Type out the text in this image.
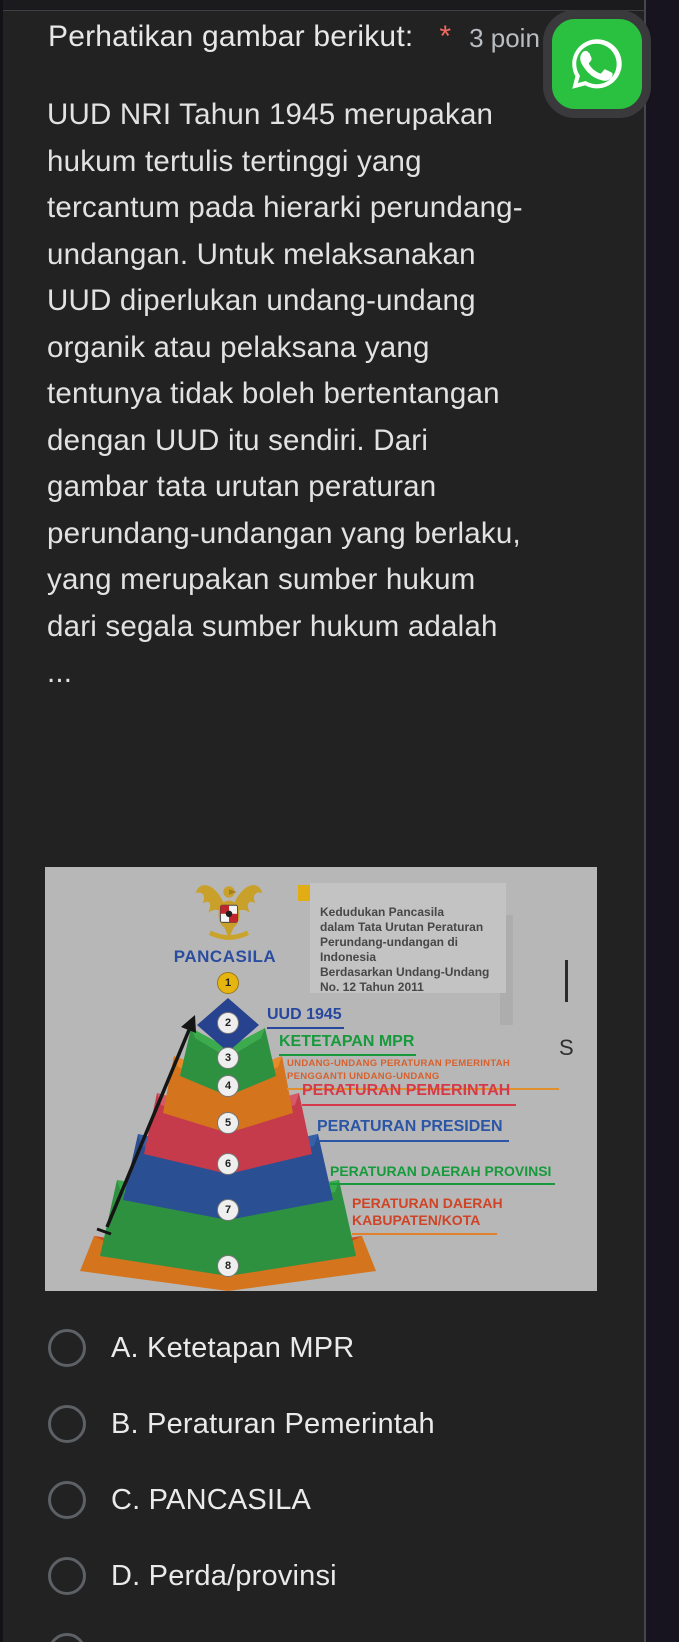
Perhatikan gambar berikut: * 3 poin
UUD NRI Tahun 1945 merupakan hukum tertulis tertinggi yang tercantum pada hierarki perundang-undangan. Untuk melaksanakan UUD diperlukan undang-undang organik atau pelaksana yang tentunya tidak boleh bertentangan dengan UUD itu sendiri. Dari gambar tata urutan peraturan perundang-undangan yang berlaku, yang merupakan sumber hukum dari segala sumber hukum adalah ...
PANCASILA
Kedudukan Pancasila
dalam Tata Urutan Peraturan
Perundang-undangan di Indonesia
Berdasarkan Undang-Undang
No. 12 Tahun 2011
S
1
2
3
4
5
6
7
8
UUD 1945
KETETAPAN MPR
UNDANG-UNDANG PERATURAN PEMERINTAH
PENGGANTI UNDANG-UNDANG
PERATURAN PEMERINTAH
PERATURAN PRESIDEN
PERATURAN DAERAH PROVINSI
PERATURAN DAERAH
KABUPATEN/KOTA
A. Ketetapan MPR
B. Peraturan Pemerintah
C. PANCASILA
D. Perda/provinsi
